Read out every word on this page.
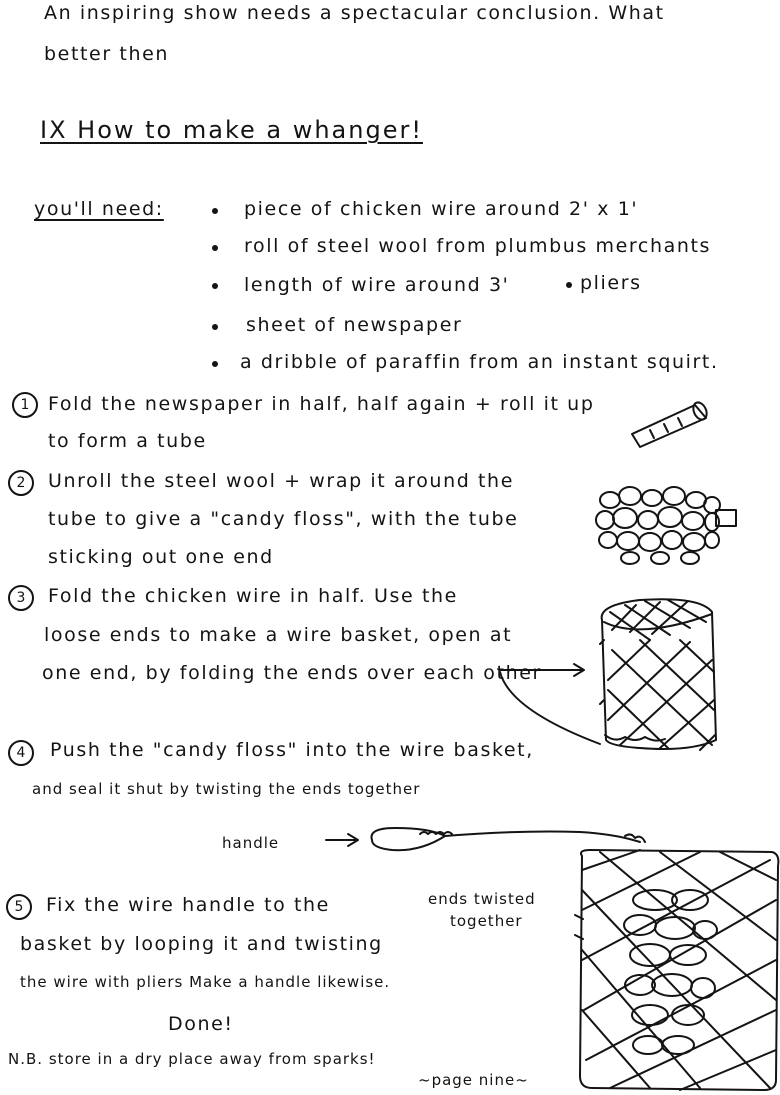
An inspiring show needs a spectacular conclusion. What
better then
IX How to make a whanger!
you'll need:	piece of chicken wire around 2' x 1'
roll of steel wool from plumbus merchants
length of wire around 3'	pliers
sheet of newspaper
a dribble of paraffin from an instant squirt.
1 Fold the newspaper in half, half again + roll it up
to form a tube
2	Unroll the steel wool + wrap it around the
tube to give a "candy floss", with the tube
sticking out one end
3	Fold the chicken wire in half. Use the
loose ends to make a wire basket, open at
one end, by folding the ends over each other
4	Push the "candy floss" into the wire basket,
and seal it shut by twisting the ends together
handle
ends twisted
together
5	Fix the wire handle to the
basket by looping it and twisting
the wire with pliers Make a handle likewise.
Done!
N.B. store in a dry place away from sparks!
~page nine~
